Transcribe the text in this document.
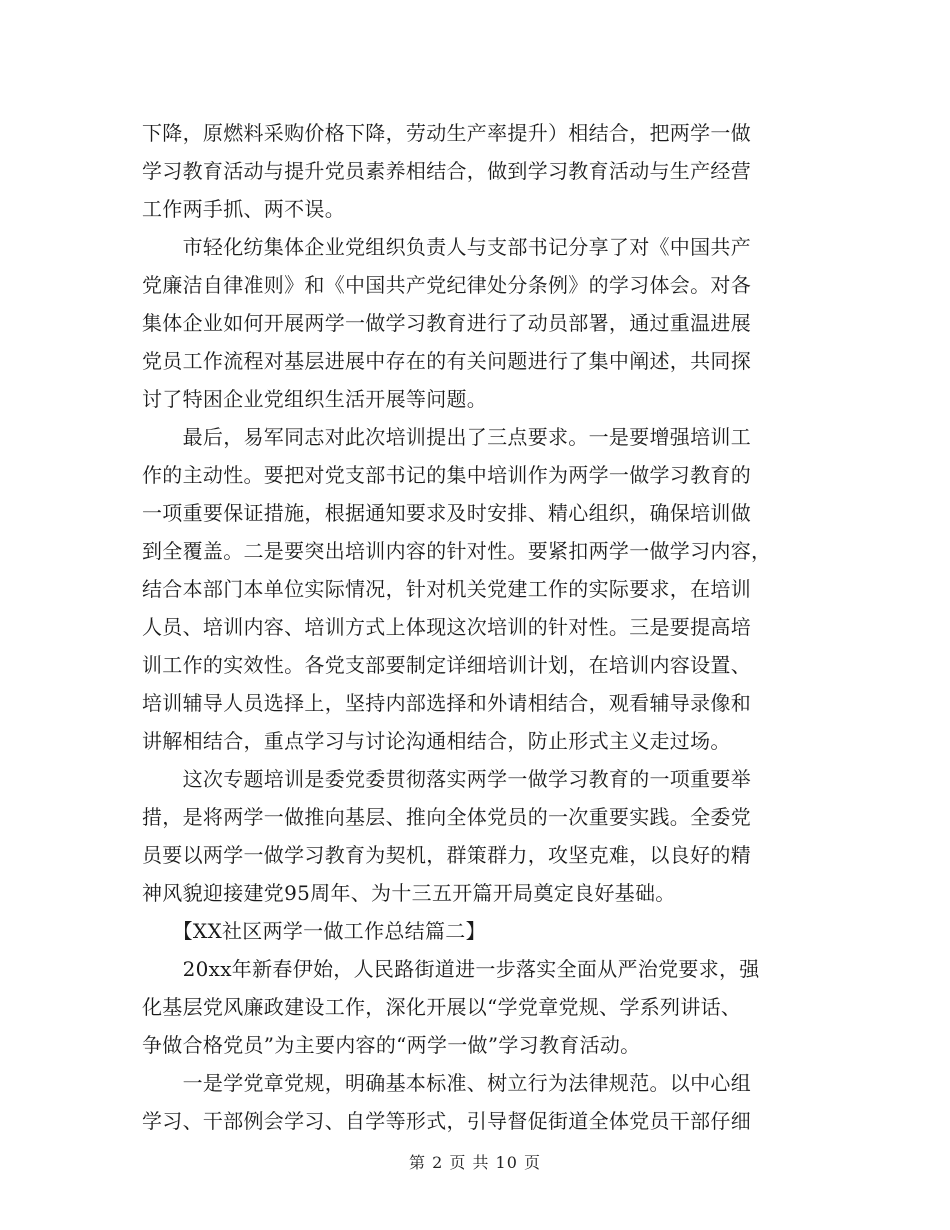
下降，原燃料采购价格下降，劳动生产率提升）相结合，把两学一做
学习教育活动与提升党员素养相结合，做到学习教育活动与生产经营
工作两手抓、两不误。
　　市轻化纺集体企业党组织负责人与支部书记分享了对《中国共产
党廉洁自律准则》和《中国共产党纪律处分条例》的学习体会。对各
集体企业如何开展两学一做学习教育进行了动员部署，通过重温进展
党员工作流程对基层进展中存在的有关问题进行了集中阐述，共同探
讨了特困企业党组织生活开展等问题。
　　最后，易军同志对此次培训提出了三点要求。一是要增强培训工
作的主动性。要把对党支部书记的集中培训作为两学一做学习教育的
一项重要保证措施，根据通知要求及时安排、精心组织，确保培训做
到全覆盖。二是要突出培训内容的针对性。要紧扣两学一做学习内容，
结合本部门本单位实际情况，针对机关党建工作的实际要求，在培训
人员、培训内容、培训方式上体现这次培训的针对性。三是要提高培
训工作的实效性。各党支部要制定详细培训计划，在培训内容设置、
培训辅导人员选择上，坚持内部选择和外请相结合，观看辅导录像和
讲解相结合，重点学习与讨论沟通相结合，防止形式主义走过场。
　　这次专题培训是委党委贯彻落实两学一做学习教育的一项重要举
措，是将两学一做推向基层、推向全体党员的一次重要实践。全委党
员要以两学一做学习教育为契机，群策群力，攻坚克难，以良好的精
神风貌迎接建党95周年、为十三五开篇开局奠定良好基础。
　　【XX社区两学一做工作总结篇二】
　　20xx年新春伊始，人民路街道进一步落实全面从严治党要求，强
化基层党风廉政建设工作，深化开展以“学党章党规、学系列讲话、
争做合格党员”为主要内容的“两学一做”学习教育活动。
　　一是学党章党规，明确基本标准、树立行为法律规范。以中心组
学习、干部例会学习、自学等形式，引导督促街道全体党员干部仔细
第 2 页 共 10 页
